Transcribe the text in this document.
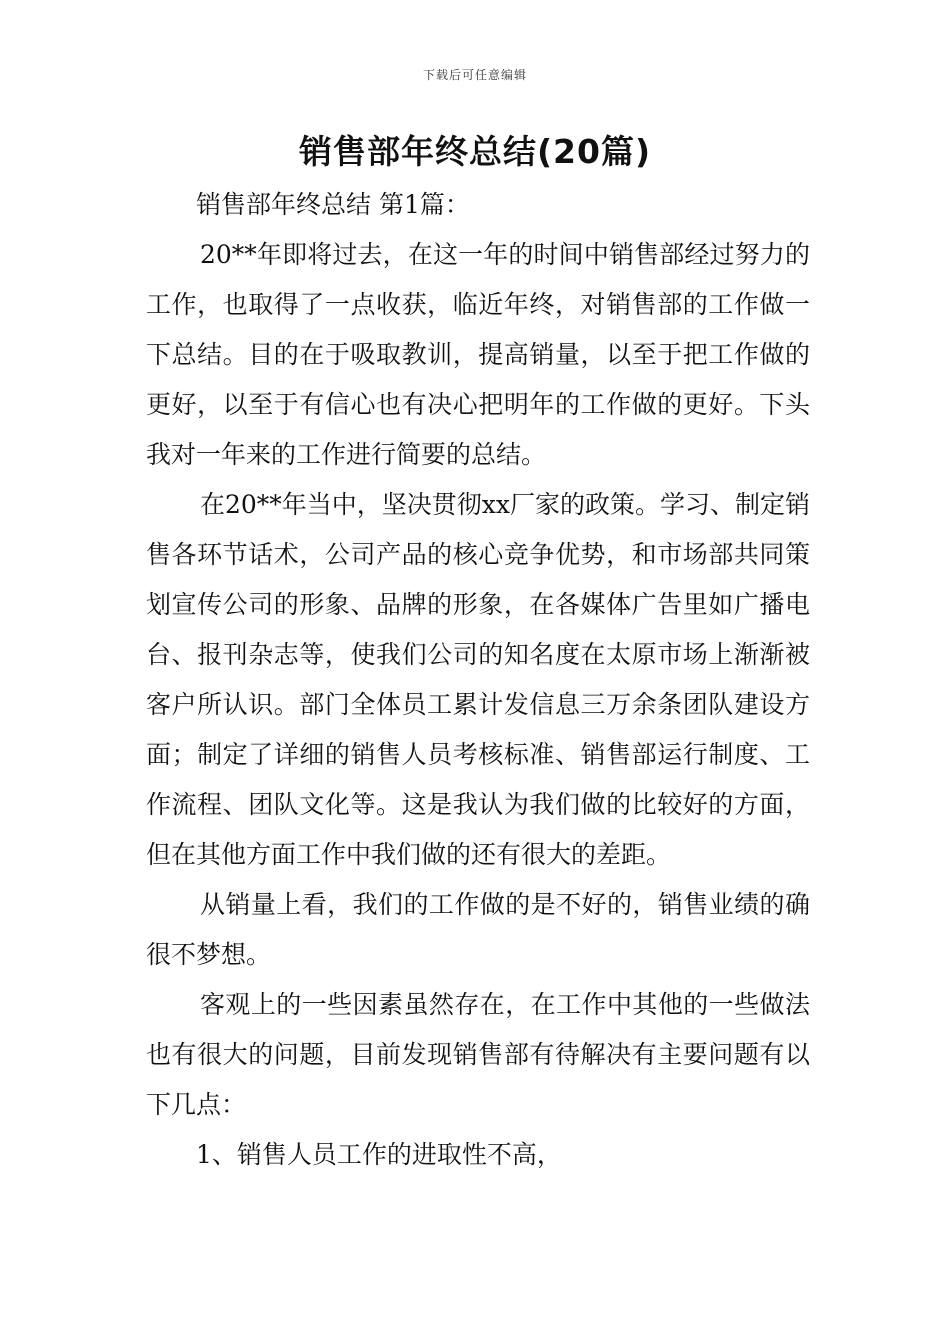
下载后可任意编辑
销售部年终总结(20篇)

销售部年终总结 第1篇：

20**年即将过去，在这一年的时间中销售部经过努力的工作，也取得了一点收获，临近年终，对销售部的工作做一下总结。目的在于吸取教训，提高销量，以至于把工作做的更好，以至于有信心也有决心把明年的工作做的更好。下头我对一年来的工作进行简要的总结。

在20**年当中，坚决贯彻xx厂家的政策。学习、制定销售各环节话术，公司产品的核心竞争优势，和市场部共同策划宣传公司的形象、品牌的形象，在各媒体广告里如广播电台、报刊杂志等，使我们公司的知名度在太原市场上渐渐被客户所认识。部门全体员工累计发信息三万余条团队建设方面；制定了详细的销售人员考核标准、销售部运行制度、工作流程、团队文化等。这是我认为我们做的比较好的方面，但在其他方面工作中我们做的还有很大的差距。

从销量上看，我们的工作做的是不好的，销售业绩的确很不梦想。

客观上的一些因素虽然存在，在工作中其他的一些做法也有很大的问题，目前发现销售部有待解决有主要问题有以下几点：

1、销售人员工作的进取性不高，
